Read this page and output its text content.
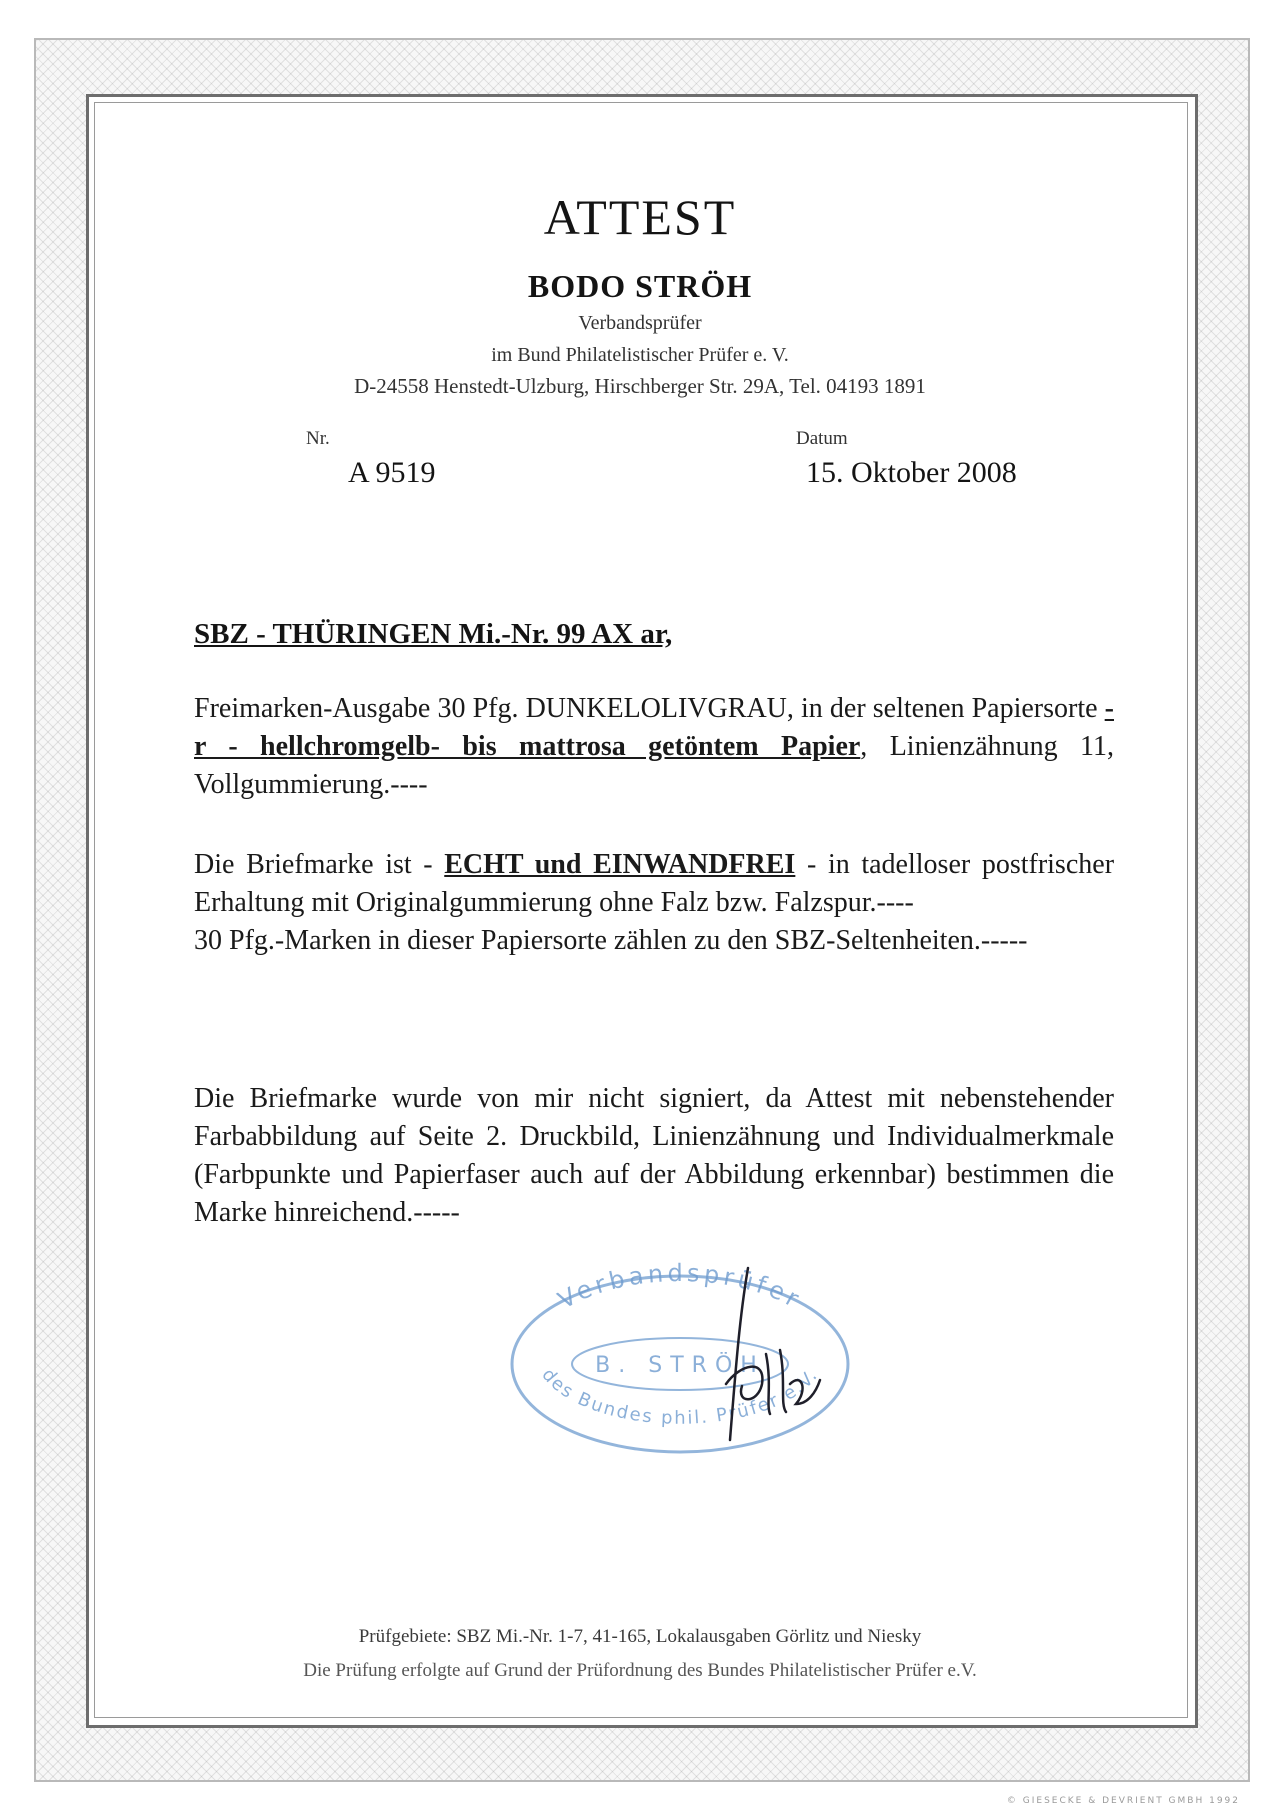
ATTEST
BODO STRÖH
Verbandsprüfer
im Bund Philatelistischer Prüfer e. V.
D-24558 Henstedt-Ulzburg, Hirschberger Str. 29A, Tel. 04193 1891
Nr.
A 9519
Datum
15. Oktober 2008
SBZ - THÜRINGEN Mi.-Nr. 99 AX ar,
Freimarken-Ausgabe 30 Pfg. DUNKELOLIVGRAU, in der seltenen Papiersorte - r - hellchromgelb- bis mattrosa getöntem Papier, Linienzähnung 11, Vollgummierung.----
Die Briefmarke ist - ECHT und EINWANDFREI - in tadelloser postfrischer Erhaltung mit Originalgummierung ohne Falz bzw. Falzspur.----
30 Pfg.-Marken in dieser Papiersorte zählen zu den SBZ-Seltenheiten.-----
Die Briefmarke wurde von mir nicht signiert, da Attest mit nebenstehender Farbabbildung auf Seite 2. Druckbild, Linienzähnung und Individualmerkmale (Farbpunkte und Papierfaser auch auf der Abbildung erkennbar) bestimmen die Marke hinreichend.-----
Verbandsprüfer
B. STRÖH
des Bundes phil. Prüfer e.V.
Prüfgebiete: SBZ Mi.-Nr. 1-7, 41-165, Lokalausgaben Görlitz und Niesky
Die Prüfung erfolgte auf Grund der Prüfordnung des Bundes Philatelistischer Prüfer e.V.
© GIESECKE & DEVRIENT GMBH 1992
